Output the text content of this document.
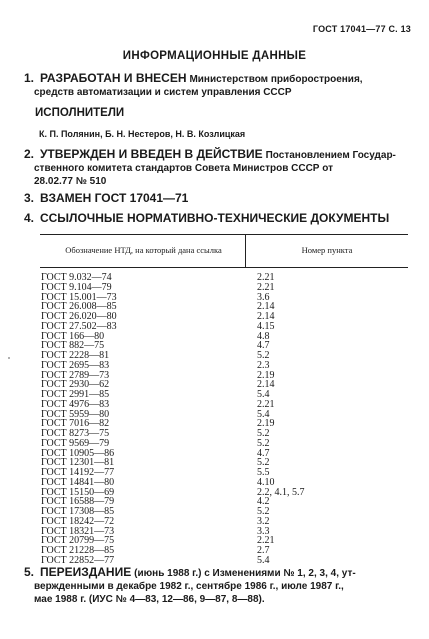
ГОСТ 17041—77 С. 13
ИНФОРМАЦИОННЫЕ ДАННЫЕ
1. РАЗРАБОТАН И ВНЕСЕН Министерством приборостроения,
средств автоматизации и систем управления СССР
ИСПОЛНИТЕЛИ
К. П. Полянин, Б. Н. Нестеров, Н. В. Козлицкая
2. УТВЕРЖДЕН И ВВЕДЕН В ДЕЙСТВИЕ Постановлением Государ-
ственного комитета стандартов Совета Министров СССР от
28.02.77 № 510
3. ВЗАМЕН ГОСТ 17041—71
4. ССЫЛОЧНЫЕ НОРМАТИВНО-ТЕХНИЧЕСКИЕ ДОКУМЕНТЫ
Обозначение НТД, на который дана ссылка	Номер пункта
ГОСТ 9.032—74	2.21
ГОСТ 9.104—79	2.21
ГОСТ 15.001—73	3.6
ГОСТ 26.008—85	2.14
ГОСТ 26.020—80	2.14
ГОСТ 27.502—83	4.15
ГОСТ 166—80	4.8
ГОСТ 882—75	4.7
ГОСТ 2228—81	5.2
ГОСТ 2695—83	2.3
ГОСТ 2789—73	2.19
ГОСТ 2930—62	2.14
ГОСТ 2991—85	5.4
ГОСТ 4976—83	2.21
ГОСТ 5959—80	5.4
ГОСТ 7016—82	2.19
ГОСТ 8273—75	5.2
ГОСТ 9569—79	5.2
ГОСТ 10905—86	4.7
ГОСТ 12301—81	5.2
ГОСТ 14192—77	5.5
ГОСТ 14841—80	4.10
ГОСТ 15150—69	2.2, 4.1, 5.7
ГОСТ 16588—79	4.2
ГОСТ 17308—85	5.2
ГОСТ 18242—72	3.2
ГОСТ 18321—73	3.3
ГОСТ 20799—75	2.21
ГОСТ 21228—85	2.7
ГОСТ 22852—77	5.4
5. ПЕРЕИЗДАНИЕ (июнь 1988 г.) с Изменениями № 1, 2, 3, 4, ут-
вержденными в декабре 1982 г., сентябре 1986 г., июле 1987 г.,
мае 1988 г. (ИУС № 4—83, 12—86, 9—87, 8—88).
